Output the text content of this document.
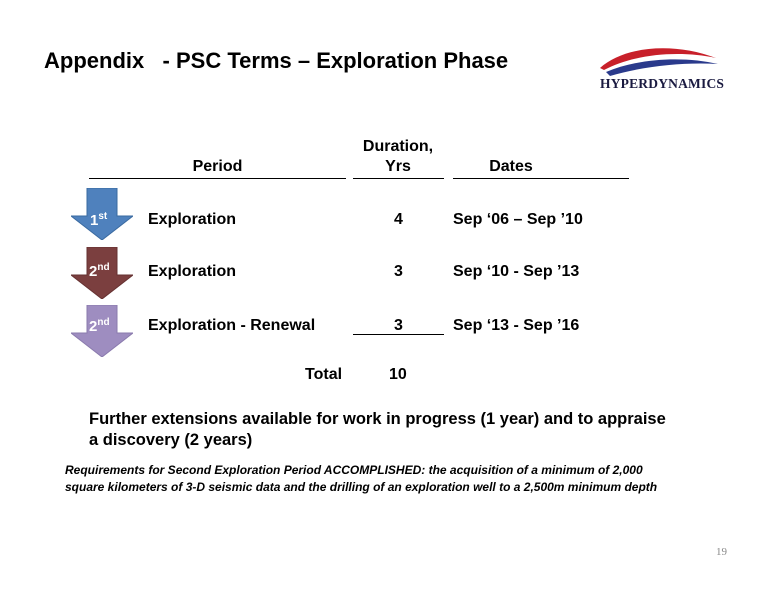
Appendix   - PSC Terms – Exploration Phase
HYPERDYNAMICS
Period
Duration,
Yrs	Dates
1st	Exploration	4	Sep ‘06 – Sep ’10
2nd Exploration	3	Sep ‘10 - Sep ’13
2nd Exploration - Renewal	3	Sep ‘13 - Sep ’16
Total	10
Further extensions available for work in progress (1 year) and to appraise a discovery (2 years)
Requirements for Second Exploration Period ACCOMPLISHED: the acquisition of a minimum of 2,000 square kilometers of 3-D seismic data and the drilling of an exploration well to a 2,500m minimum depth
19
